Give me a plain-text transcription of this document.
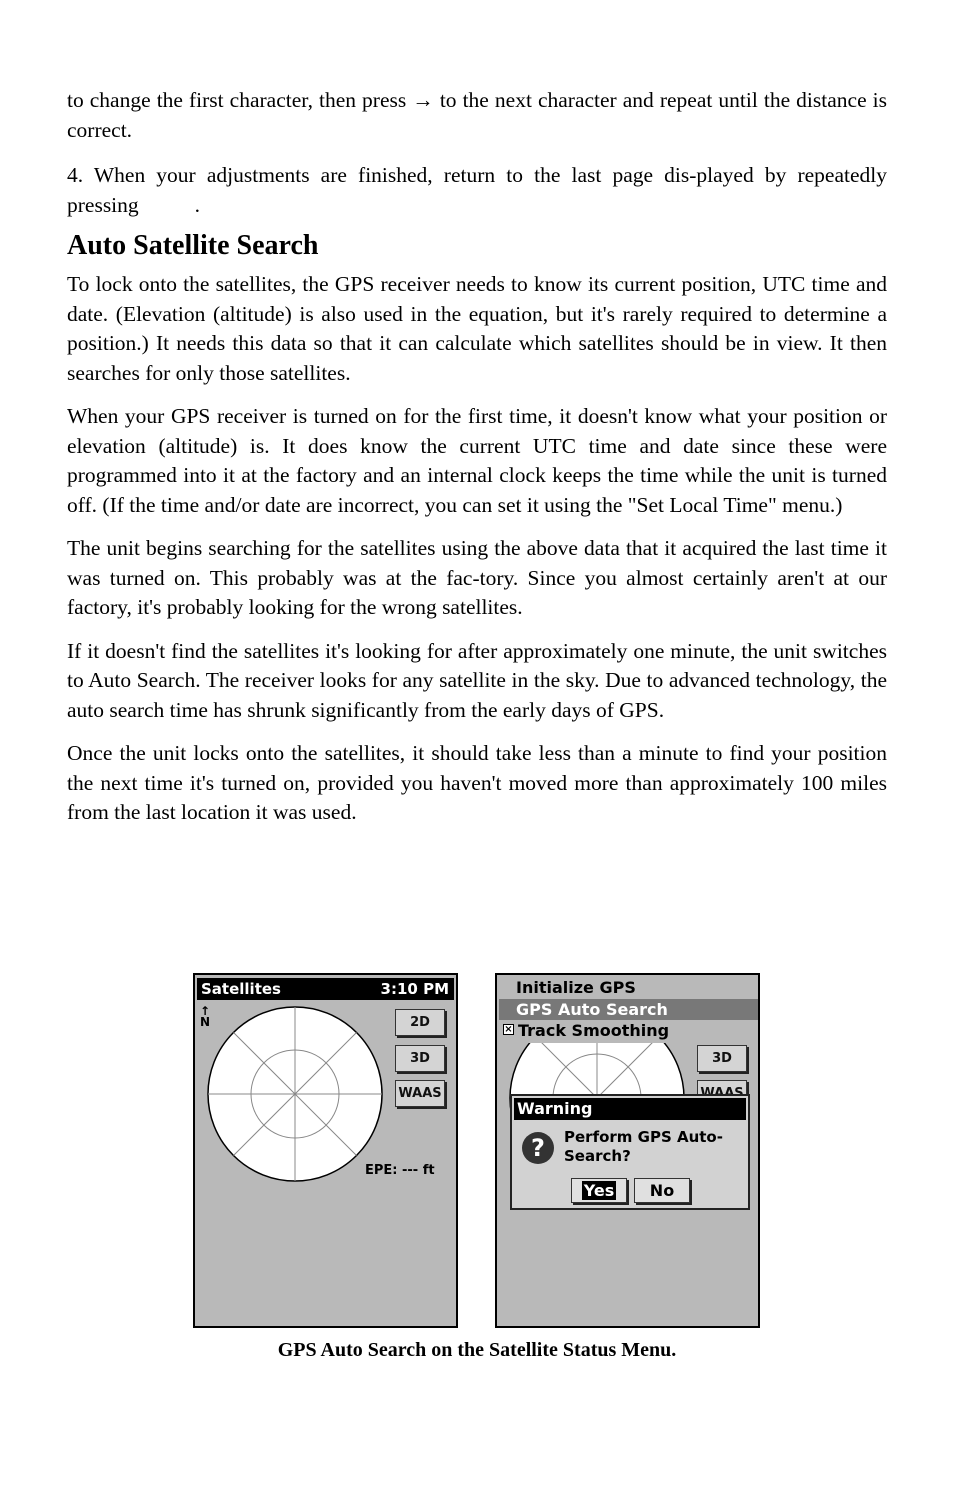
to change the first character, then press → to the next character and repeat until the distance is correct.

4. When your adjustments are finished, return to the last page dis-played by repeatedly pressing	.

Auto Satellite Search

To lock onto the satellites, the GPS receiver needs to know its current position, UTC time and date. (Elevation (altitude) is also used in the equation, but it's rarely required to determine a position.) It needs this data so that it can calculate which satellites should be in view. It then searches for only those satellites.

When your GPS receiver is turned on for the first time, it doesn't know what your position or elevation (altitude) is. It does know the current UTC time and date since these were programmed into it at the factory and an internal clock keeps the time while the unit is turned off. (If the time and/or date are incorrect, you can set it using the "Set Local Time" menu.)

The unit begins searching for the satellites using the above data that it acquired the last time it was turned on. This probably was at the fac-tory. Since you almost certainly aren't at our factory, it's probably looking for the wrong satellites.

If it doesn't find the satellites it's looking for after approximately one minute, the unit switches to Auto Search. The receiver looks for any satellite in the sky. Due to advanced technology, the auto search time has shrunk significantly from the early days of GPS.

Once the unit locks onto the satellites, it should take less than a minute to find your position the next time it's turned on, provided you haven't moved more than approximately 100 miles from the last location it was used.

Satellites	3:10 PM
↑
N	2D
3D
WAAS
EPE: --- ft
3D
Initialize GPS
GPS Auto Search
× Track Smoothing
Warning
?	Perform GPS Auto-Search?
Yes	No
GPS Auto Search on the Satellite Status Menu.
